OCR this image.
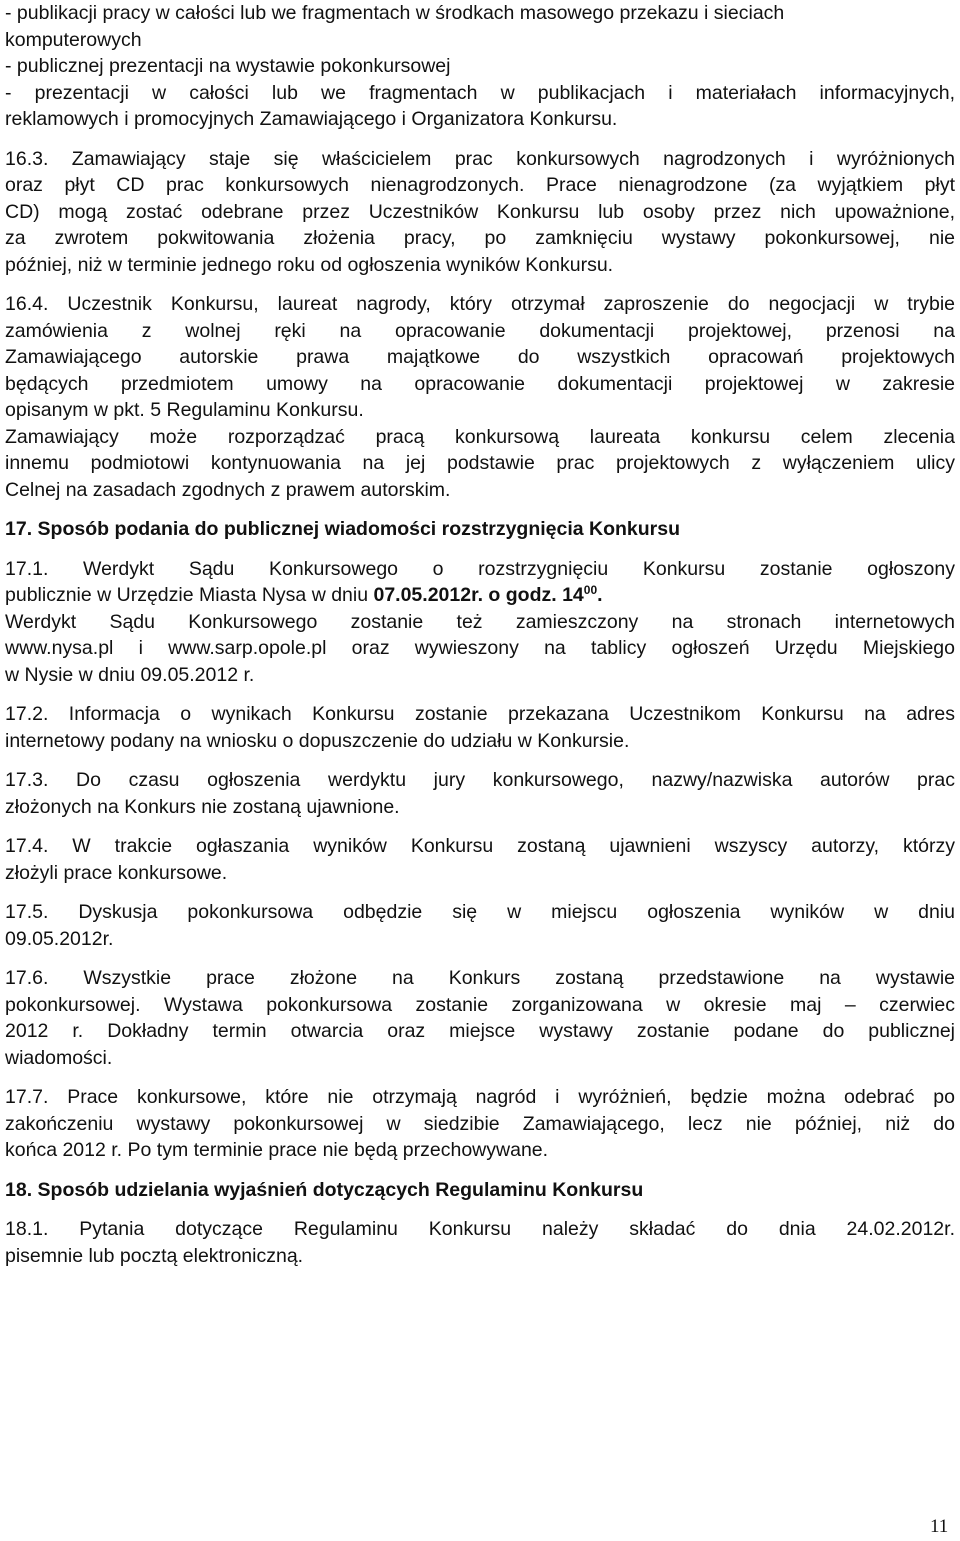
- publikacji pracy w całości lub we fragmentach w środkach masowego przekazu i sieciach
komputerowych
- publicznej prezentacji na wystawie pokonkursowej
- prezentacji w całości lub we fragmentach w publikacjach i materiałach informacyjnych,
reklamowych i promocyjnych Zamawiającego i Organizatora Konkursu.
16.3. Zamawiający staje się właścicielem prac konkursowych nagrodzonych i wyróżnionych
oraz płyt CD prac konkursowych nienagrodzonych. Prace nienagrodzone (za wyjątkiem płyt
CD) mogą zostać odebrane przez Uczestników Konkursu lub osoby przez nich upoważnione,
za zwrotem pokwitowania złożenia pracy, po zamknięciu wystawy pokonkursowej, nie
później, niż w terminie jednego roku od ogłoszenia wyników Konkursu.
16.4. Uczestnik Konkursu, laureat nagrody, który otrzymał zaproszenie do negocjacji w trybie
zamówienia z wolnej ręki na opracowanie dokumentacji projektowej, przenosi na
Zamawiającego autorskie prawa majątkowe do wszystkich opracowań projektowych
będących przedmiotem umowy na opracowanie dokumentacji projektowej w zakresie
opisanym w pkt. 5 Regulaminu Konkursu.
Zamawiający może rozporządzać pracą konkursową laureata konkursu celem zlecenia
innemu podmiotowi kontynuowania na jej podstawie prac projektowych z wyłączeniem ulicy
Celnej na zasadach zgodnych z prawem autorskim.
17. Sposób podania do publicznej wiadomości rozstrzygnięcia Konkursu
17.1. Werdykt Sądu Konkursowego o rozstrzygnięciu Konkursu zostanie ogłoszony
publicznie w Urzędzie Miasta Nysa w dniu 07.05.2012r. o godz. $14^{00}$.
Werdykt Sądu Konkursowego zostanie też zamieszczony na stronach internetowych
www.nysa.pl i www.sarp.opole.pl oraz wywieszony na tablicy ogłoszeń Urzędu Miejskiego
w Nysie w dniu 09.05.2012 r.
17.2. Informacja o wynikach Konkursu zostanie przekazana Uczestnikom Konkursu na adres
internetowy podany na wniosku o dopuszczenie do udziału w Konkursie.
17.3. Do czasu ogłoszenia werdyktu jury konkursowego, nazwy/nazwiska autorów prac
złożonych na Konkurs nie zostaną ujawnione.
17.4. W trakcie ogłaszania wyników Konkursu zostaną ujawnieni wszyscy autorzy, którzy
złożyli prace konkursowe.
17.5. Dyskusja pokonkursowa odbędzie się w miejscu ogłoszenia wyników w dniu
09.05.2012r.
17.6. Wszystkie prace złożone na Konkurs zostaną przedstawione na wystawie
pokonkursowej. Wystawa pokonkursowa zostanie zorganizowana w okresie maj – czerwiec
2012 r. Dokładny termin otwarcia oraz miejsce wystawy zostanie podane do publicznej
wiadomości.
17.7. Prace konkursowe, które nie otrzymają nagród i wyróżnień, będzie można odebrać po
zakończeniu wystawy pokonkursowej w siedzibie Zamawiającego, lecz nie później, niż do
końca 2012 r. Po tym terminie prace nie będą przechowywane.
18. Sposób udzielania wyjaśnień dotyczących Regulaminu Konkursu
18.1. Pytania dotyczące Regulaminu Konkursu należy składać do dnia 24.02.2012r.
pisemnie lub pocztą elektroniczną.
11
